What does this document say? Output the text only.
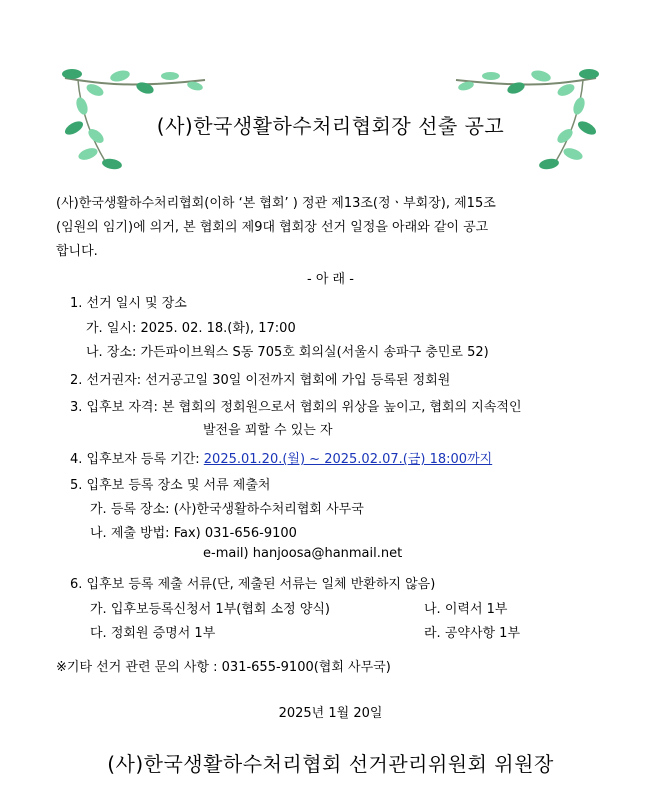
(사)한국생활하수처리협회장 선출 공고
(사)한국생활하수처리협회(이하 ‘본 협회’ ) 정관 제13조(정ㆍ부회장), 제15조
(임원의 임기)에 의거, 본 협회의 제9대 협회장 선거 일정을 아래와 같이 공고
합니다.
- 아 래 -
1. 선거 일시 및 장소
가. 일시: 2025. 02. 18.(화), 17:00
나. 장소: 가든파이브웍스 S동 705호 회의실(서울시 송파구 충민로 52)
2. 선거권자: 선거공고일 30일 이전까지 협회에 가입 등록된 정회원
3. 입후보 자격: 본 협회의 정회원으로서 협회의 위상을 높이고, 협회의 지속적인
발전을 꾀할 수 있는 자
4. 입후보자 등록 기간: 2025.01.20.(월) ~ 2025.02.07.(금) 18:00까지
5. 입후보 등록 장소 및 서류 제출처
가. 등록 장소: (사)한국생활하수처리협회 사무국
나. 제출 방법: Fax) 031-656-9100
e-mail) hanjoosa@hanmail.net
6. 입후보 등록 제출 서류(단, 제출된 서류는 일체 반환하지 않음)
가. 입후보등록신청서 1부(협회 소정 양식)	나. 이력서 1부
다. 정회원 증명서 1부	라. 공약사항 1부
※기타 선거 관련 문의 사항 : 031-655-9100(협회 사무국)
2025년 1월 20일
(사)한국생활하수처리협회 선거관리위원회 위원장
